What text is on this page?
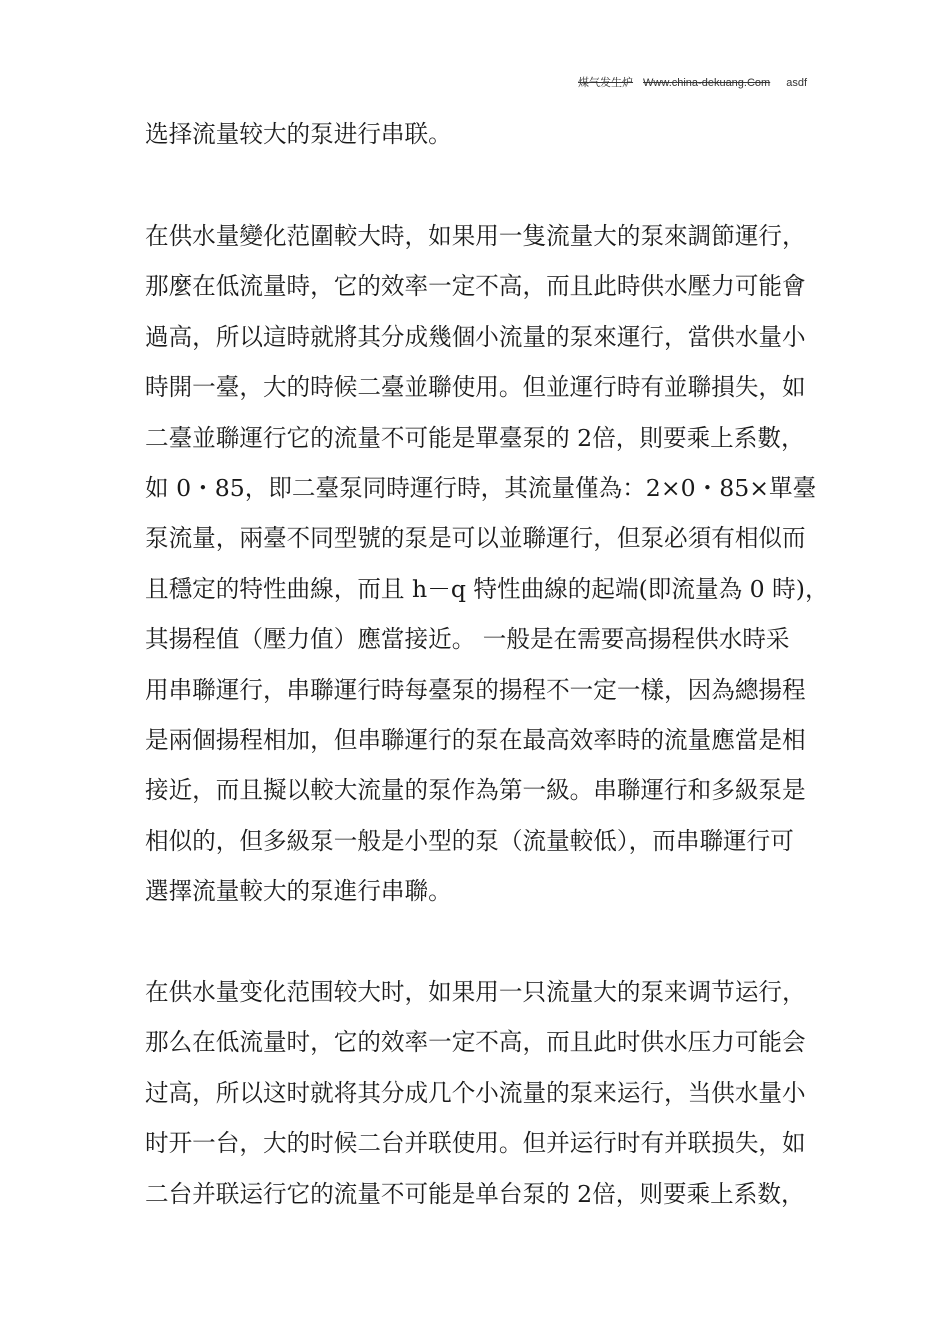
煤气发生炉 Www.china-dekuang.Com asdf
选择流量较大的泵进行串联。
在供水量變化范圍較大時，如果用一隻流量大的泵來調節運行，
那麼在低流量時，它的效率一定不高，而且此時供水壓力可能會
過高，所以這時就將其分成幾個小流量的泵來運行，當供水量小
時開一臺，大的時候二臺並聯使用。但並運行時有並聯損失，如
二臺並聯運行它的流量不可能是單臺泵的 2倍，則要乘上系數，
如 0・85，即二臺泵同時運行時，其流量僅為：2×0・85×單臺
泵流量，兩臺不同型號的泵是可以並聯運行，但泵必須有相似而
且穩定的特性曲線，而且 h－q 特性曲線的起端(即流量為 0 時)，
其揚程值（壓力值）應當接近。 一般是在需要高揚程供水時采
用串聯運行，串聯運行時每臺泵的揚程不一定一樣，因為總揚程
是兩個揚程相加，但串聯運行的泵在最高效率時的流量應當是相
接近，而且擬以較大流量的泵作為第一級。串聯運行和多級泵是
相似的，但多級泵一般是小型的泵（流量較低），而串聯運行可
選擇流量較大的泵進行串聯。
在供水量变化范围较大时，如果用一只流量大的泵来调节运行，
那么在低流量时，它的效率一定不高，而且此时供水压力可能会
过高，所以这时就将其分成几个小流量的泵来运行，当供水量小
时开一台，大的时候二台并联使用。但并运行时有并联损失，如
二台并联运行它的流量不可能是单台泵的 2倍，则要乘上系数，
